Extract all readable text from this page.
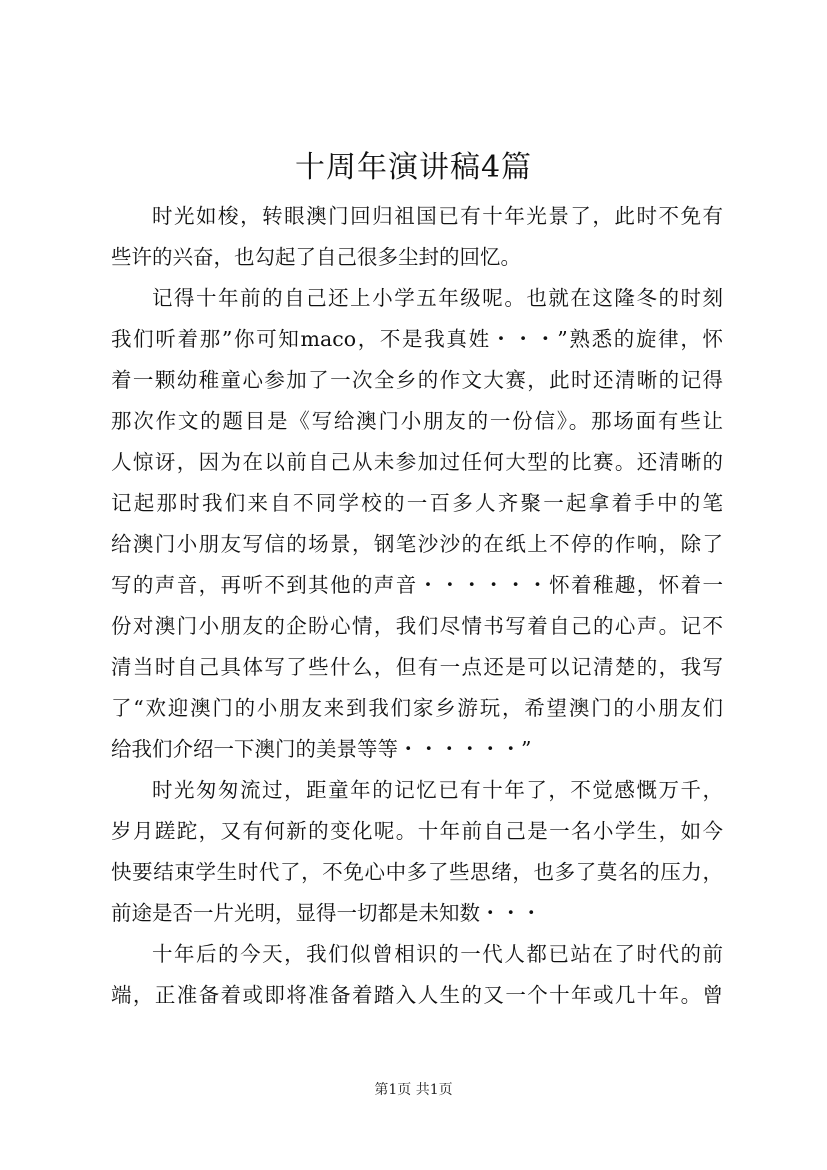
十周年演讲稿4篇
时光如梭，转眼澳门回归祖国已有十年光景了，此时不免有
些许的兴奋，也勾起了自己很多尘封的回忆。
记得十年前的自己还上小学五年级呢。也就在这隆冬的时刻
我们听着那”你可知maco，不是我真姓・・・”熟悉的旋律，怀
着一颗幼稚童心参加了一次全乡的作文大赛，此时还清晰的记得
那次作文的题目是《写给澳门小朋友的一份信》。那场面有些让
人惊讶，因为在以前自己从未参加过任何大型的比赛。还清晰的
记起那时我们来自不同学校的一百多人齐聚一起拿着手中的笔
给澳门小朋友写信的场景，钢笔沙沙的在纸上不停的作响，除了
写的声音，再听不到其他的声音・・・・・・怀着稚趣，怀着一
份对澳门小朋友的企盼心情，我们尽情书写着自己的心声。记不
清当时自己具体写了些什么，但有一点还是可以记清楚的，我写
了“欢迎澳门的小朋友来到我们家乡游玩，希望澳门的小朋友们
给我们介绍一下澳门的美景等等・・・・・・”
时光匆匆流过，距童年的记忆已有十年了，不觉感慨万千，
岁月蹉跎，又有何新的变化呢。十年前自己是一名小学生，如今
快要结束学生时代了，不免心中多了些思绪，也多了莫名的压力，
前途是否一片光明，显得一切都是未知数・・・
十年后的今天，我们似曾相识的一代人都已站在了时代的前
端，正准备着或即将准备着踏入人生的又一个十年或几十年。曾
第1页 共1页
